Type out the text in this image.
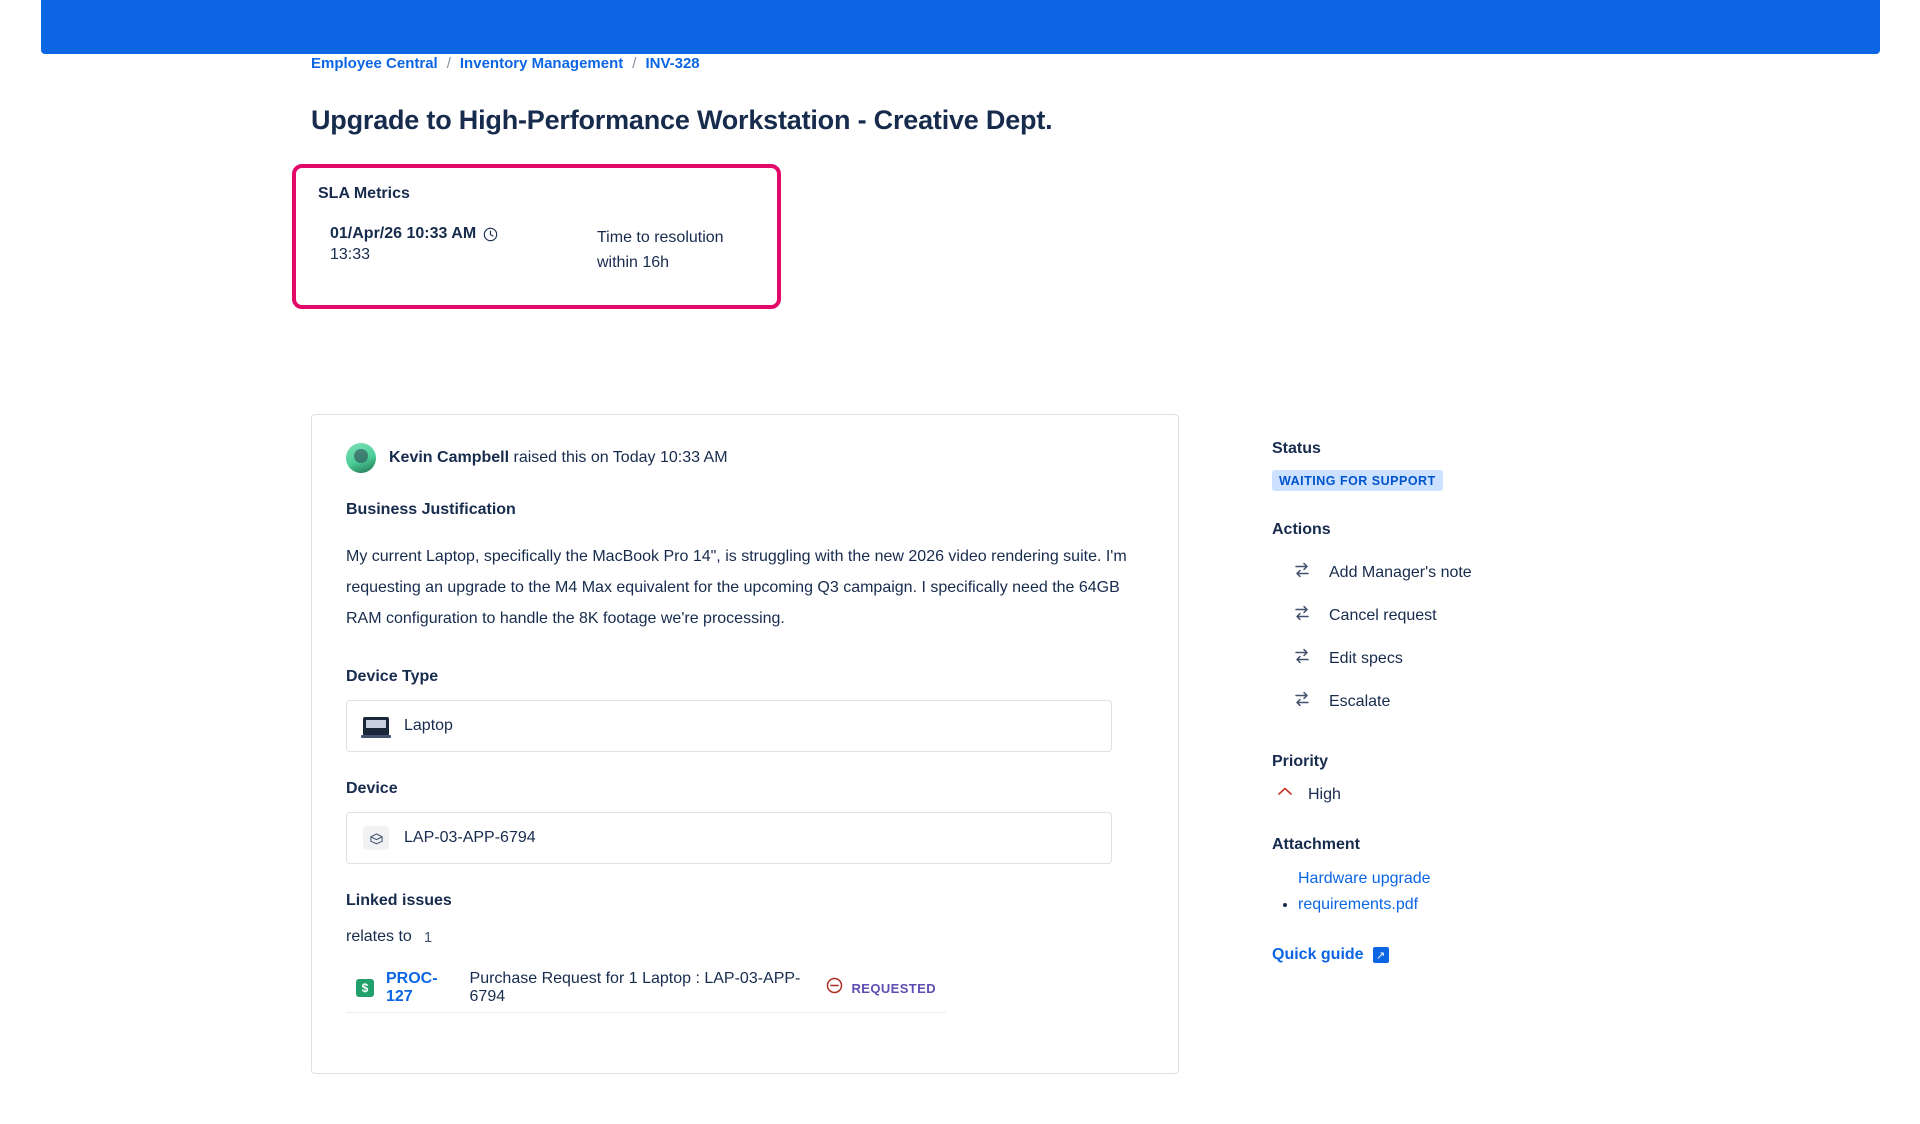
Employee Central / Inventory Management / INV-328
Upgrade to High-Performance Workstation - Creative Dept.
SLA Metrics
01/Apr/26 10:33 AM
13:33
Time to resolution
within 16h
Kevin Campbell raised this on Today 10:33 AM
Business Justification

My current Laptop, specifically the MacBook Pro 14", is struggling with the new 2026 video rendering suite. I'm requesting an upgrade to the M4 Max equivalent for the upcoming Q3 campaign. I specifically need the 64GB RAM configuration to handle the 8K footage we're processing.

Device Type
Laptop
Device
LAP-03-APP-6794
Linked issues
relates to 1
$
PROC-127
Purchase Request for 1 Laptop : LAP-03-APP-6794	REQUESTED
Status
WAITING FOR SUPPORT
Actions
Add Manager's note
Cancel request
Edit specs
Escalate
Priority
High
Attachment
• Hardware upgrade requirements.pdf
Quick guide	↗
